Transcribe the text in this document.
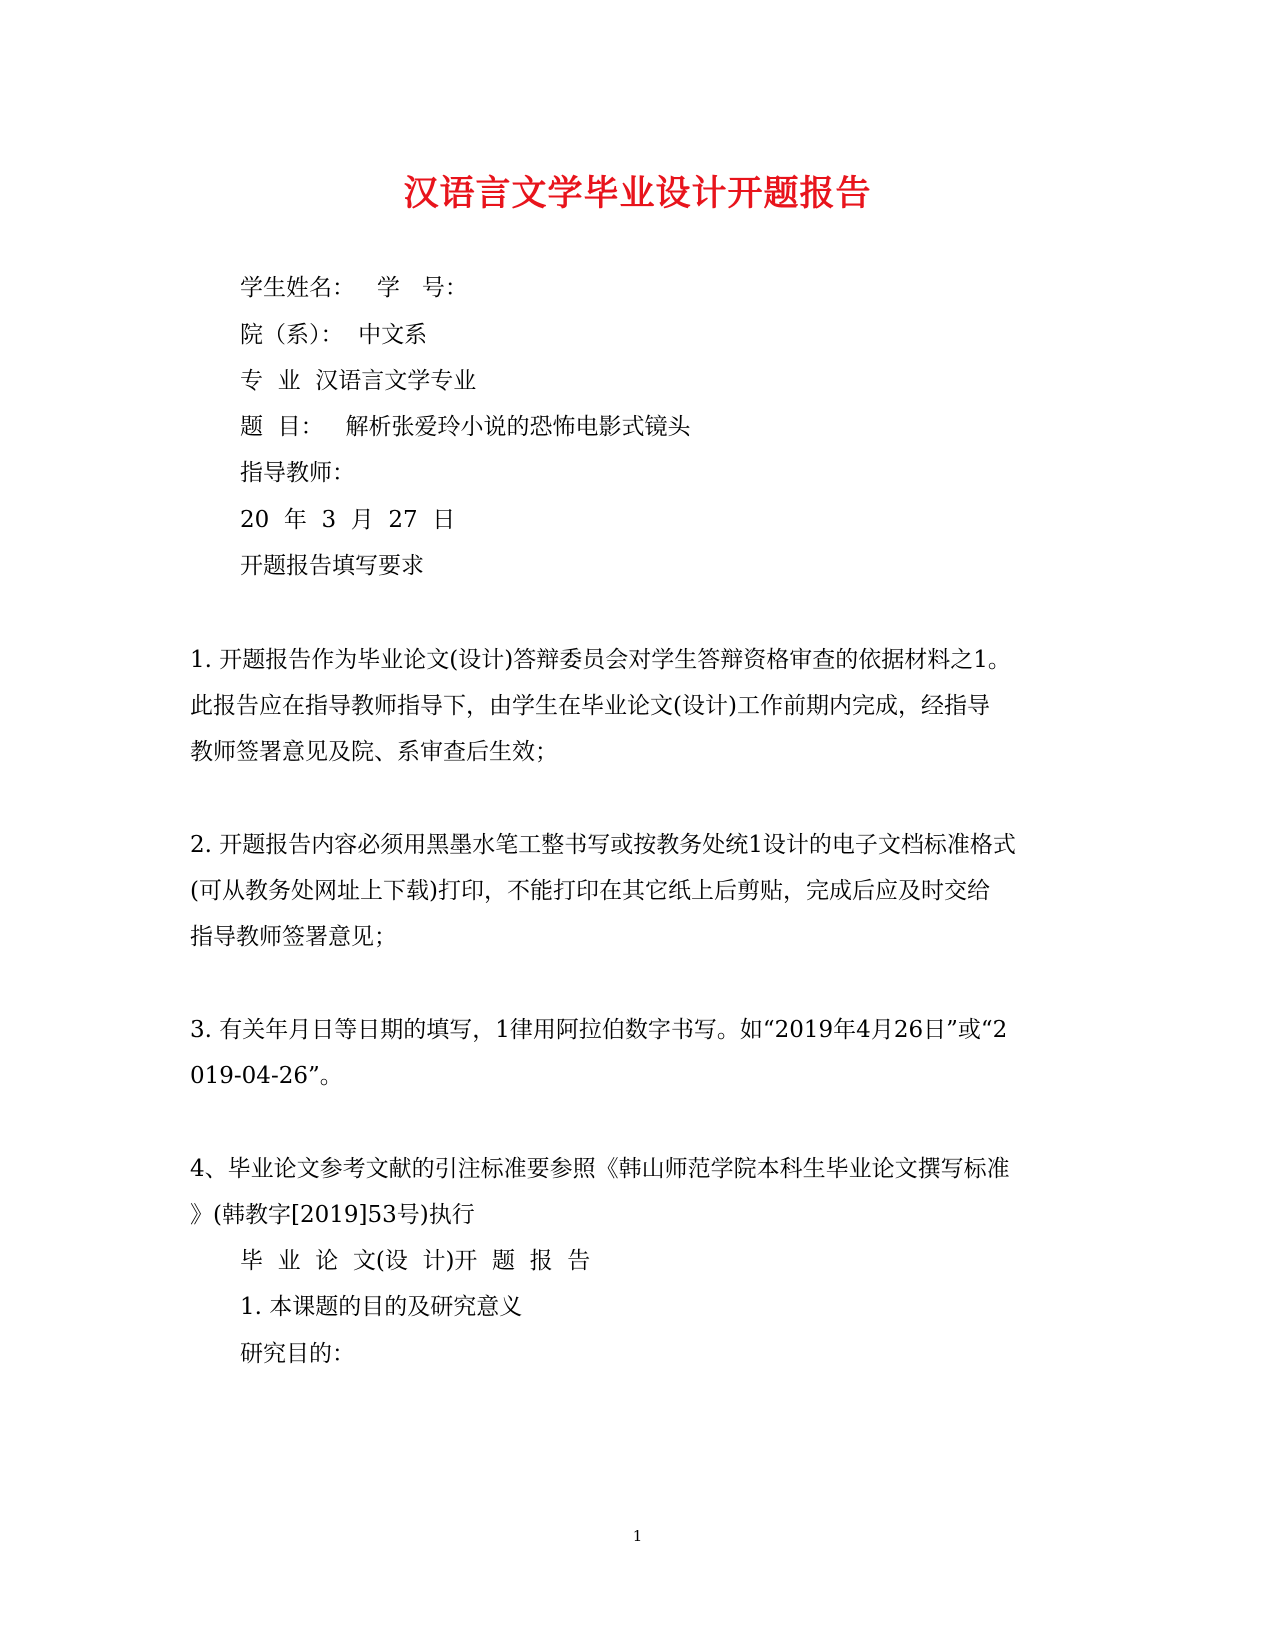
汉语言文学毕业设计开题报告
学生姓名：   学   号：
院（系）：  中文系
专  业  汉语言文学专业
题  目：   解析张爱玲小说的恐怖电影式镜头
指导教师：
20  年  3  月  27  日
开题报告填写要求
1. 开题报告作为毕业论文(设计)答辩委员会对学生答辩资格审查的依据材料之1。
此报告应在指导教师指导下，由学生在毕业论文(设计)工作前期内完成，经指导
教师签署意见及院、系审查后生效；
2. 开题报告内容必须用黑墨水笔工整书写或按教务处统1设计的电子文档标准格式
(可从教务处网址上下载)打印，不能打印在其它纸上后剪贴，完成后应及时交给
指导教师签署意见；
3. 有关年月日等日期的填写，1律用阿拉伯数字书写。如“2019年4月26日”或“2
019-04-26”。
4、毕业论文参考文献的引注标准要参照《韩山师范学院本科生毕业论文撰写标准
》(韩教字[2019]53号)执行
毕  业  论  文(设  计)开  题  报  告
1. 本课题的目的及研究意义
研究目的：
1
